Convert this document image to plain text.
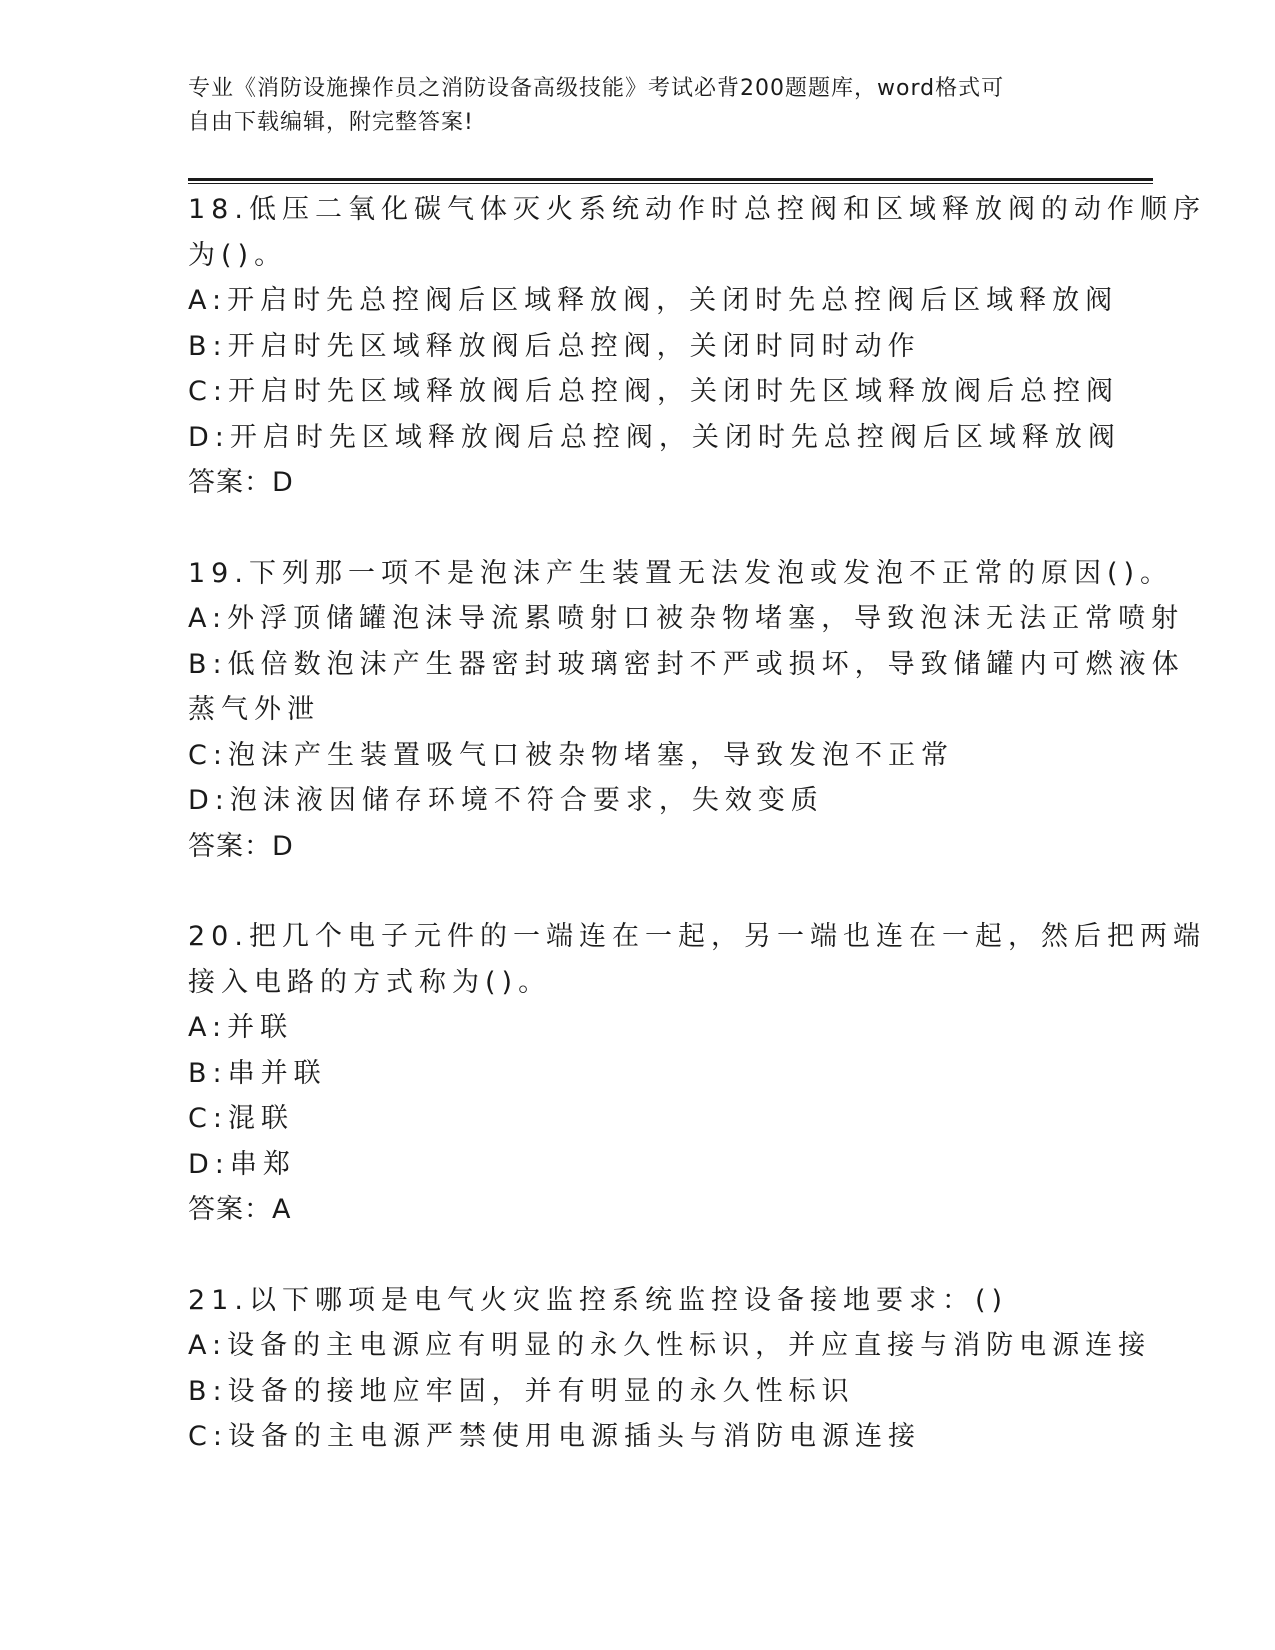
专业《消防设施操作员之消防设备高级技能》考试必背200题题库，word格式可
自由下载编辑，附完整答案!
18.低压二氧化碳气体灭火系统动作时总控阀和区域释放阀的动作顺序
为()。
A:开启时先总控阀后区域释放阀，关闭时先总控阀后区域释放阀
B:开启时先区域释放阀后总控阀，关闭时同时动作
C:开启时先区域释放阀后总控阀，关闭时先区域释放阀后总控阀
D:开启时先区域释放阀后总控阀，关闭时先总控阀后区域释放阀
答案：D
19.下列那一项不是泡沫产生装置无法发泡或发泡不正常的原因()。
A:外浮顶储罐泡沫导流累喷射口被杂物堵塞，导致泡沫无法正常喷射
B:低倍数泡沫产生器密封玻璃密封不严或损坏，导致储罐内可燃液体
蒸气外泄
C:泡沫产生装置吸气口被杂物堵塞，导致发泡不正常
D:泡沫液因储存环境不符合要求，失效变质
答案：D
20.把几个电子元件的一端连在一起，另一端也连在一起，然后把两端
接入电路的方式称为()。
A:并联
B:串并联
C:混联
D:串郑
答案：A
21.以下哪项是电气火灾监控系统监控设备接地要求：()
A:设备的主电源应有明显的永久性标识，并应直接与消防电源连接
B:设备的接地应牢固，并有明显的永久性标识
C:设备的主电源严禁使用电源插头与消防电源连接
